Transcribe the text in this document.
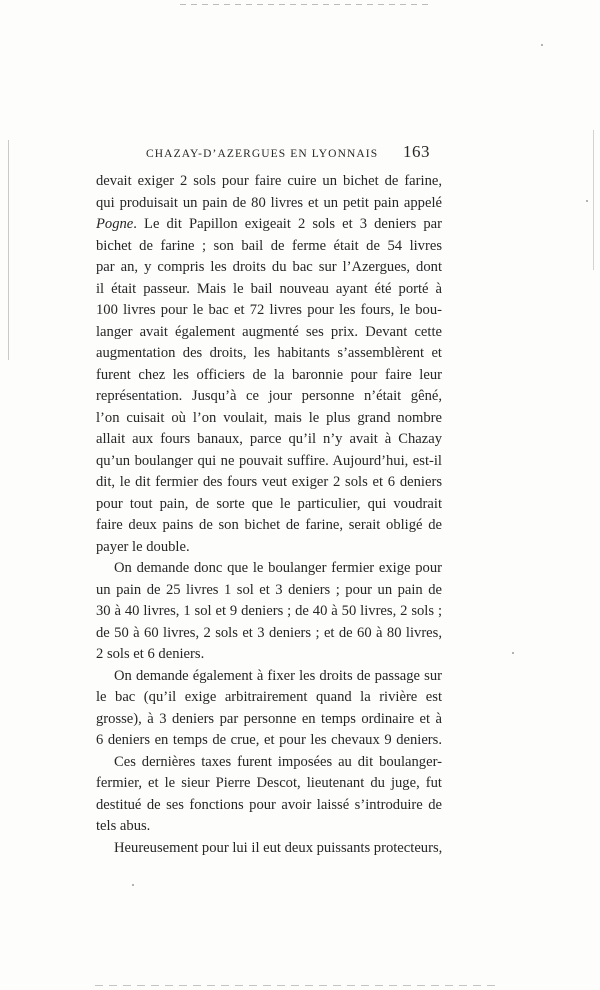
CHAZAY-D’AZERGUES EN LYONNAIS 163
devait exiger 2 sols pour faire cuire un bichet de farine,
qui produisait un pain de 80 livres et un petit pain appelé
Pogne. Le dit Papillon exigeait 2 sols et 3 deniers par
bichet de farine ; son bail de ferme était de 54 livres
par an, y compris les droits du bac sur l’Azergues, dont
il était passeur. Mais le bail nouveau ayant été porté à
100 livres pour le bac et 72 livres pour les fours, le bou-
langer avait également augmenté ses prix. Devant cette
augmentation des droits, les habitants s’assemblèrent et
furent chez les officiers de la baronnie pour faire leur
représentation. Jusqu’à ce jour personne n’était gêné,
l’on cuisait où l’on voulait, mais le plus grand nombre
allait aux fours banaux, parce qu’il n’y avait à Chazay
qu’un boulanger qui ne pouvait suffire. Aujourd’hui, est-il
dit, le dit fermier des fours veut exiger 2 sols et 6 deniers
pour tout pain, de sorte que le particulier, qui voudrait
faire deux pains de son bichet de farine, serait obligé de
payer le double.
On demande donc que le boulanger fermier exige pour
un pain de 25 livres 1 sol et 3 deniers ; pour un pain de
30 à 40 livres, 1 sol et 9 deniers ; de 40 à 50 livres, 2 sols ;
de 50 à 60 livres, 2 sols et 3 deniers ; et de 60 à 80 livres,
2 sols et 6 deniers.
On demande également à fixer les droits de passage sur
le bac (qu’il exige arbitrairement quand la rivière est
grosse), à 3 deniers par personne en temps ordinaire et à
6 deniers en temps de crue, et pour les chevaux 9 deniers.
Ces dernières taxes furent imposées au dit boulanger-
fermier, et le sieur Pierre Descot, lieutenant du juge, fut
destitué de ses fonctions pour avoir laissé s’introduire de
tels abus.
Heureusement pour lui il eut deux puissants protecteurs,
